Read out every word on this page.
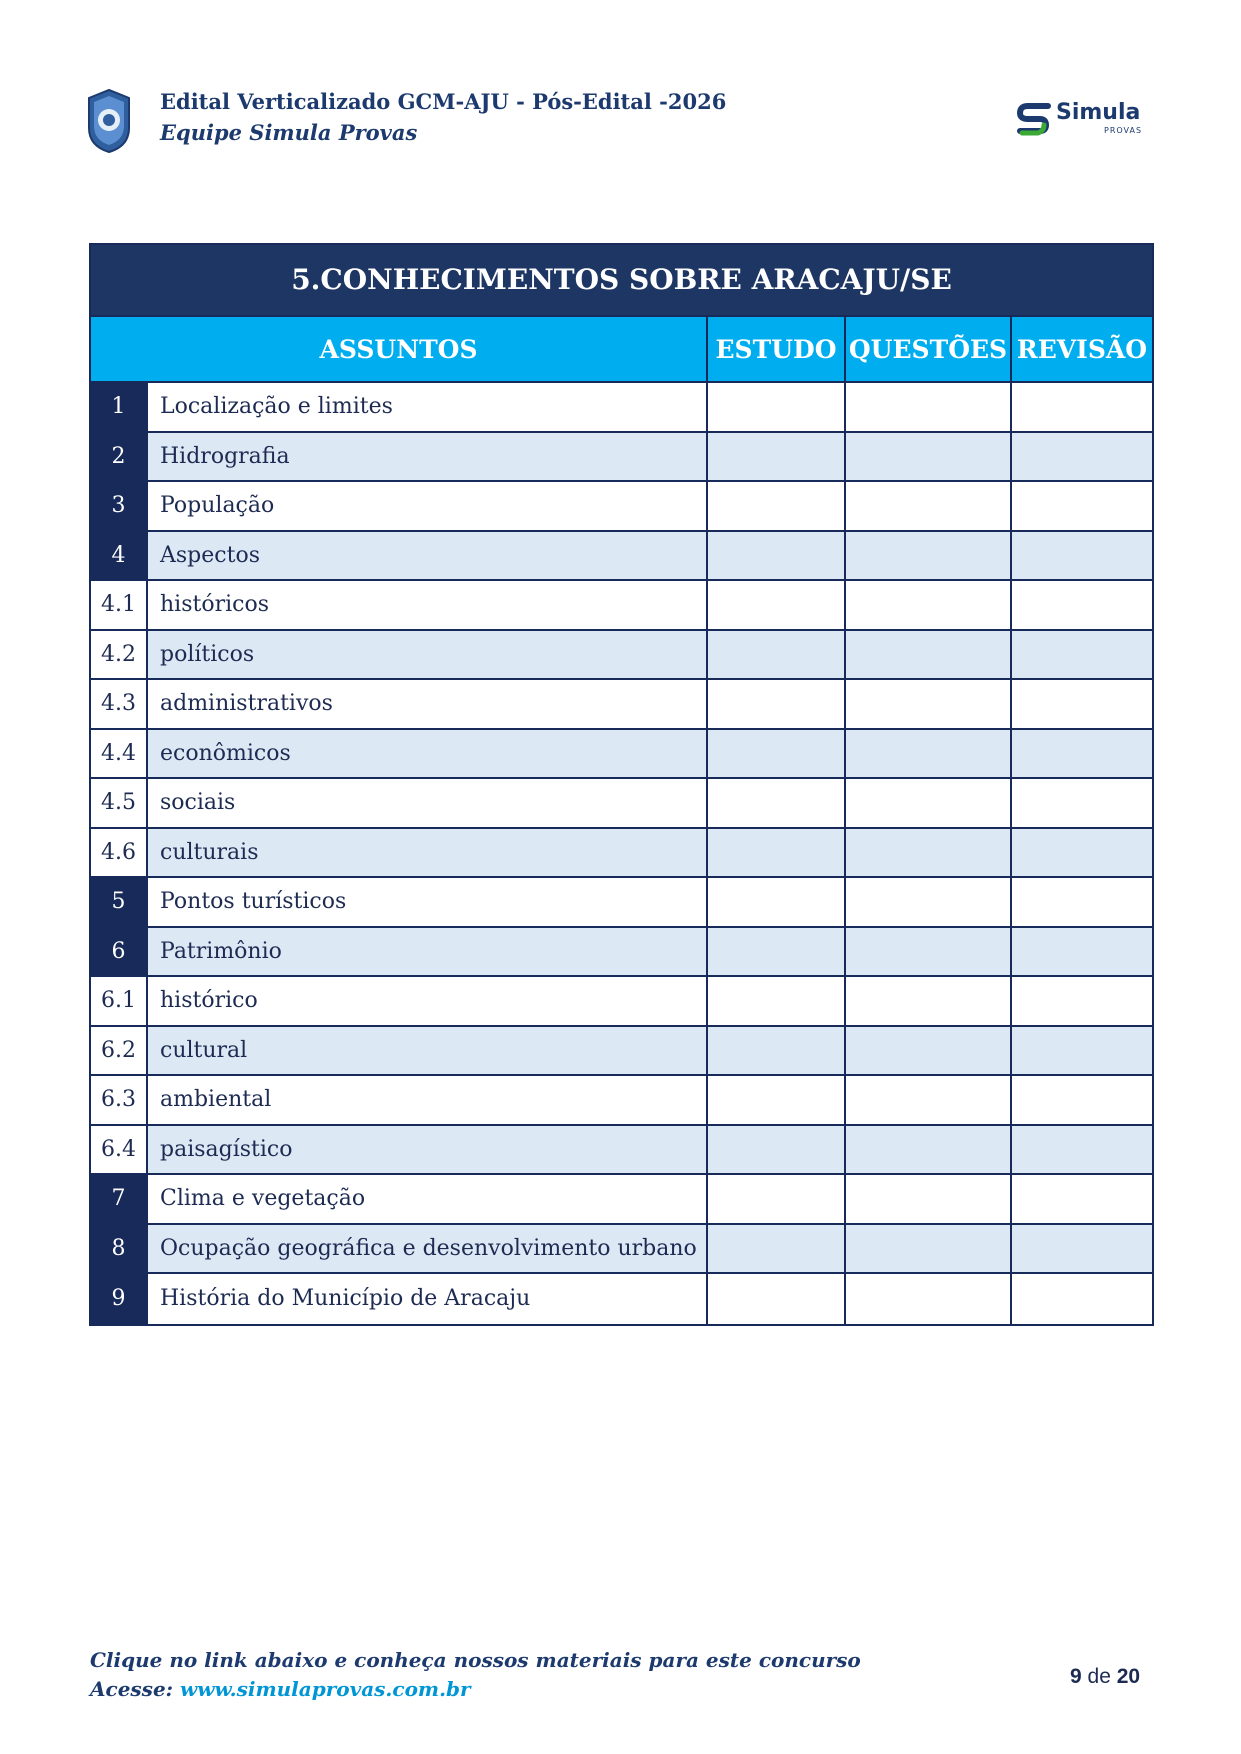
Edital Verticalizado GCM-AJU - Pós-Edital -2026
Equipe Simula Provas
Simula
PROVAS
5.CONHECIMENTOS SOBRE ARACAJU/SE
ASSUNTOS	ESTUDO QUESTÕES REVISÃO
1	Localização e limites
2	Hidrografia
3	População
4	Aspectos
4.1	históricos
4.2	políticos
4.3	administrativos
4.4	econômicos
4.5	sociais
4.6	culturais
5	Pontos turísticos
6	Patrimônio
6.1	histórico
6.2	cultural
6.3	ambiental
6.4	paisagístico
7	Clima e vegetação
8	Ocupação geográfica e desenvolvimento urbano
9	História do Município de Aracaju
Clique no link abaixo e conheça nossos materiais para este concurso
Acesse: www.simulaprovas.com.br
9 de 20
